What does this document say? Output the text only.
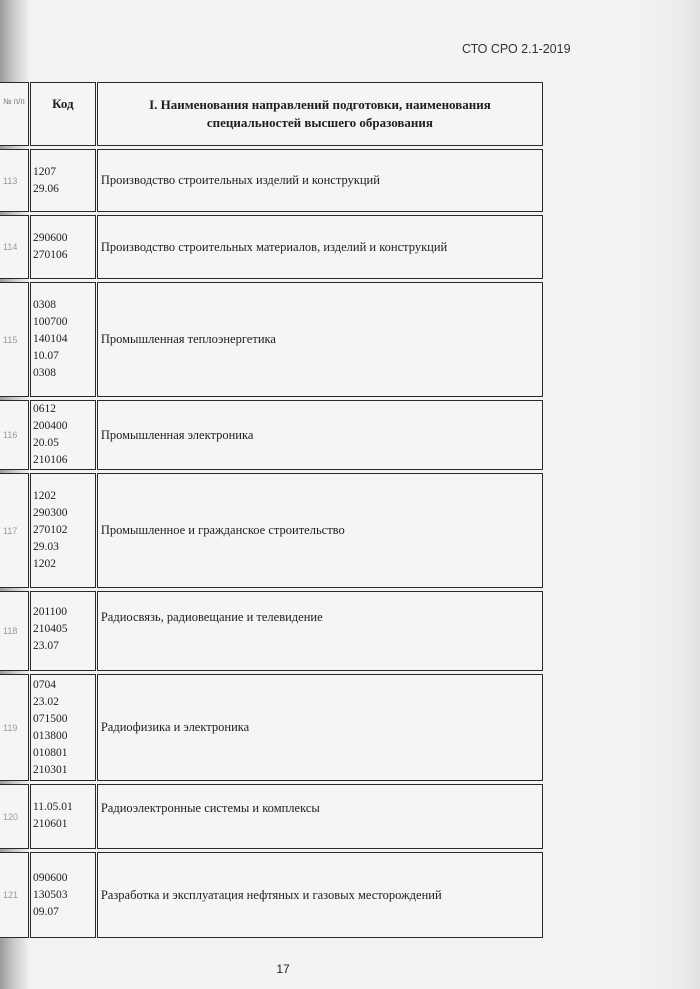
СТО СРО 2.1-2019
№ п/п	Код	I. Наименования направлений подготовки, наименования специальностей высшего образования
113
1207
29.06
Производство строительных изделий и конструкций
114
290600
270106
Производство строительных материалов, изделий и конструкций
115
0308
100700
140104
10.07
0308
Промышленная теплоэнергетика
116
0612
200400
20.05
210106
Промышленная электроника
117
1202
290300
270102
29.03
1202
Промышленное и гражданское строительство
118
201100
210405
23.07
Радиосвязь, радиовещание и телевидение
119
0704
23.02
071500
013800
010801
210301
Радиофизика и электроника
120
11.05.01
210601
Радиоэлектронные системы и комплексы
121
090600
130503
09.07
Разработка и эксплуатация нефтяных и газовых месторождений
17
